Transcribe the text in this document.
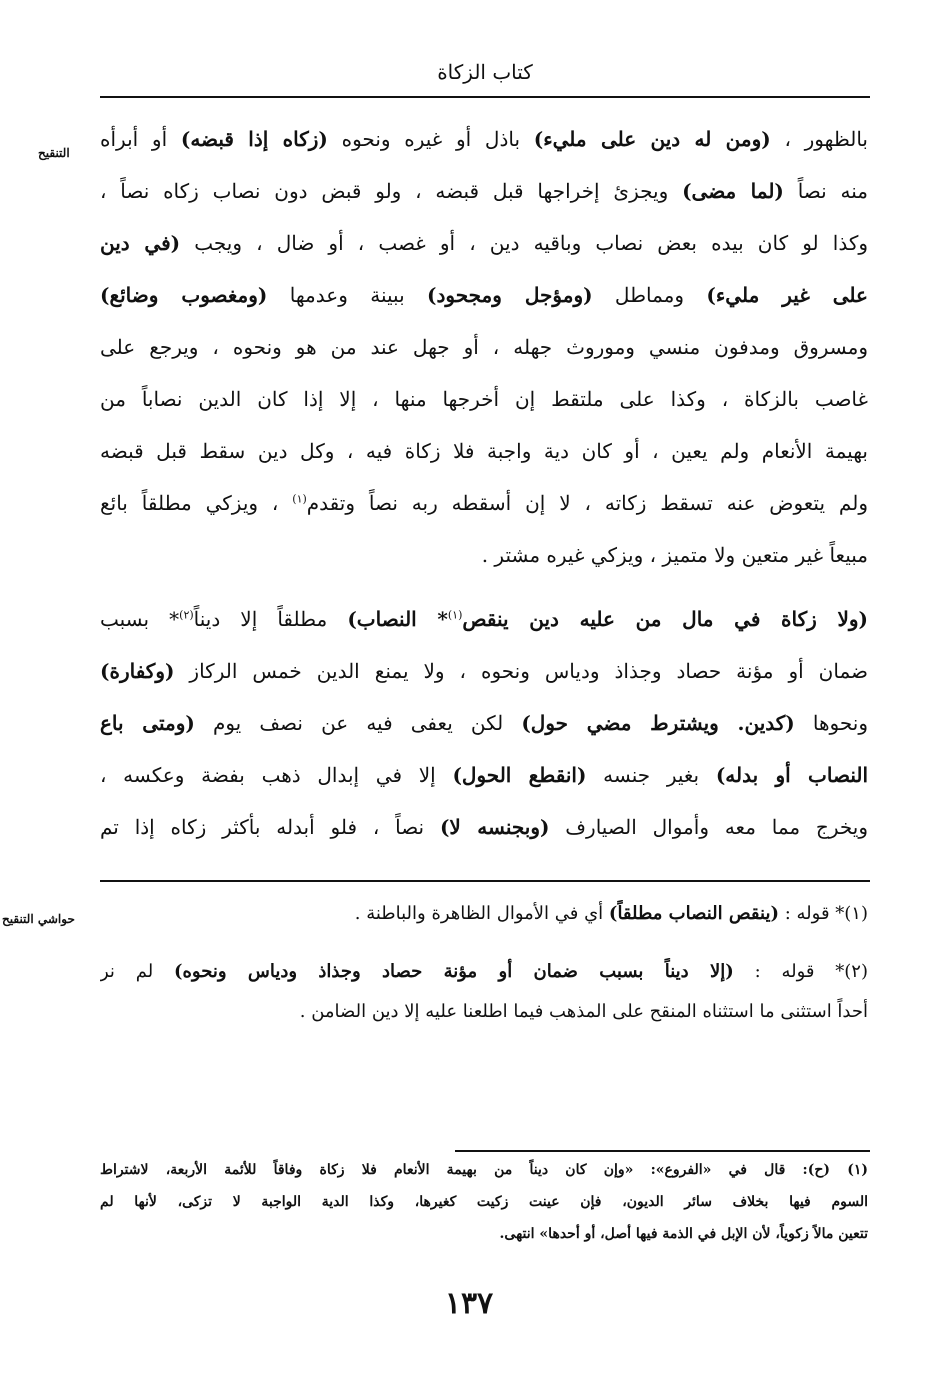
كتاب الزكاة
التنقيح
بالظهور ، (ومن له دين على مليء) باذل أو غيره ونحوه (زكاه إذا قبضه) أو أبرأه
منه نصاً (لما مضى) ويجزئ إخراجها قبل قبضه ، ولو قبض دون نصاب زكاه نصاً ،
وكذا لو كان بيده بعض نصاب وباقيه دين ، أو غصب ، أو ضال ، ويجب (في دين
على غير مليء) ومماطل (ومؤجل ومجحود) ببينة وعدمها (ومغصوب وضائع)
ومسروق ومدفون منسي وموروث جهله ، أو جهل عند من هو ونحوه ، ويرجع على
غاصب بالزكاة ، وكذا على ملتقط إن أخرجها منها ، إلا إذا كان الدين نصاباً من
بهيمة الأنعام ولم يعين ، أو كان دية واجبة فلا زكاة فيه ، وكل دين سقط قبل قبضه
ولم يتعوض عنه تسقط زكاته ، لا إن أسقطه ربه نصاً وتقدم$^{(١)}$ ، ويزكي مطلقاً بائع
مبيعاً غير متعين ولا متميز ، ويزكي غيره مشتر .
(ولا زكاة في مال من عليه دين ينقص$^{(١)}$* النصاب) مطلقاً إلا ديناً$^{(٢)}$* بسبب
ضمان أو مؤنة حصاد وجذاذ ودياس ونحوه ، ولا يمنع الدين خمس الركاز (وكفارة)
ونحوها (كدين. ويشترط مضي حول) لكن يعفى فيه عن نصف يوم (ومتى باع
النصاب أو بدله) بغير جنسه (انقطع الحول) إلا في إبدال ذهب بفضة وعكسه ،
ويخرج مما معه وأموال الصيارف (وبجنسه لا) نصاً ، فلو أبدله بأكثر زكاه إذا تم
حواشي التنقيح	(١)* قوله : (ينقص النصاب مطلقاً) أي في الأموال الظاهرة والباطنة .
(٢)* قوله : (إلا ديناً بسبب ضمان أو مؤنة حصاد وجذاذ ودياس ونحوه) لم نر
أحداً استثنى ما استثناه المنقح على المذهب فيما اطلعنا عليه إلا دين الضامن .
(١) (ح): قال في «الفروع»: «وإن كان ديناً من بهيمة الأنعام فلا زكاة وفاقاً للأئمة الأربعة، لاشتراط
السوم فيها بخلاف سائر الديون، فإن عينت زكيت كغيرها، وكذا الدية الواجبة لا تزكى، لأنها لم
تتعين مالاً زكوياً، لأن الإبل في الذمة فيها أصل، أو أحدها» انتهى.
١٣٧
